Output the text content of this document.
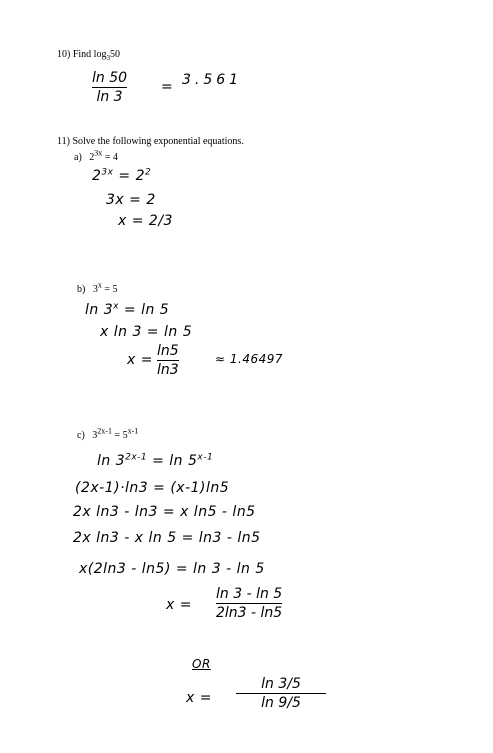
10) Find $\log_350$
ln 50
ln 3
= 3.561
11) Solve the following exponential equations.
a) $2^{3x} = 4$
$2^{3x} = 2^2$
3x = 2
x = 2/3
b) $3^x = 5$
$\ln 3^x = \ln 5$
x ln 3 = ln 5
x =
ln5
ln3
≈ 1.46497
c) $3^{2x-1} = 5^{x-1}$
$\ln 3^{2x-1} = \ln 5^{x-1}$
(2x-1)·ln3 = (x-1)ln5
2x ln3 - ln3 = x ln5 - ln5
2x ln3 - x ln 5 = ln3 - ln5
x(2ln3 - ln5) = ln 3 - ln 5
x =
ln 3 - ln 5
2ln3 - ln5
OR
x =
ln 3/5
ln 9/5
